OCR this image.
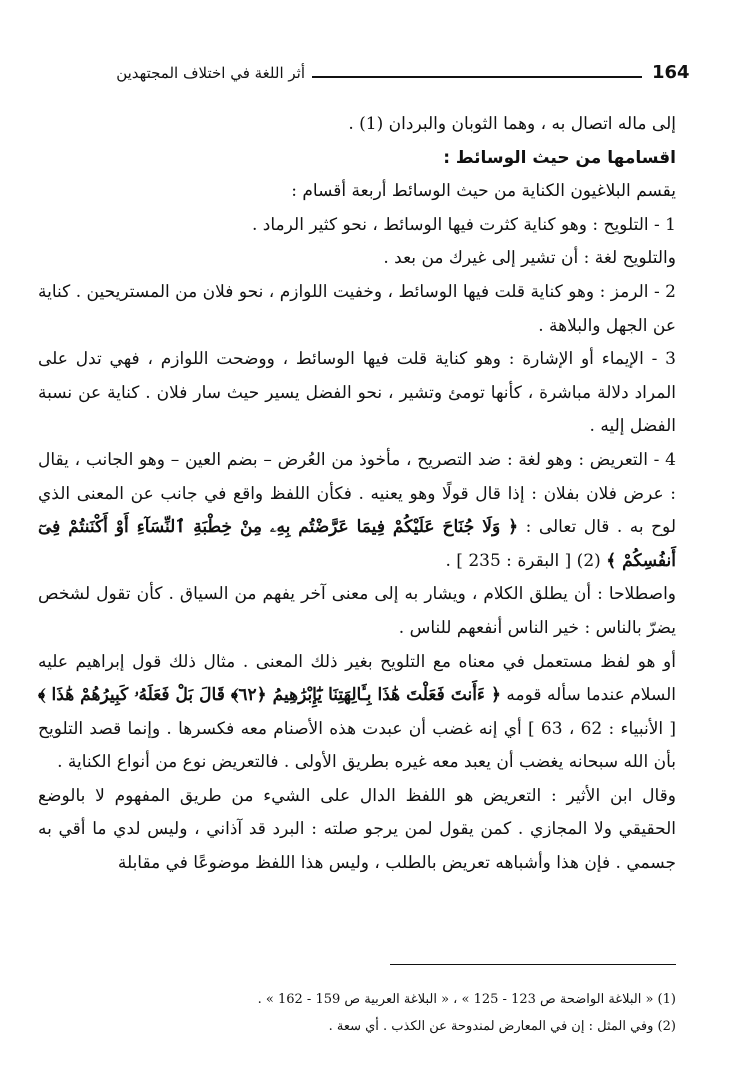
164
أثر اللغة في اختلاف المجتهدين

إلى ماله اتصال به ، وهما الثوبان والبردان (1) .

اقسامها من حيث الوسائط :

يقسم البلاغيون الكناية من حيث الوسائط أربعة أقسام :

1 - التلويح : وهو كناية كثرت فيها الوسائط ، نحو كثير الرماد .

والتلويح لغة : أن تشير إلى غيرك من بعد .

2 - الرمز : وهو كناية قلت فيها الوسائط ، وخفيت اللوازم ، نحو فلان من المستريحين . كناية عن الجهل والبلاهة .

3 - الإيماء أو الإشارة : وهو كناية قلت فيها الوسائط ، ووضحت اللوازم ، فهي تدل على المراد دلالة مباشرة ، كأنها تومئ وتشير ، نحو الفضل يسير حيث سار فلان . كناية عن نسبة الفضل إليه .

4 - التعريض : وهو لغة : ضد التصريح ، مأخوذ من العُرض – بضم العين – وهو الجانب ، يقال : عرض فلان بفلان : إذا قال قولًا وهو يعنيه . فكأن اللفظ واقع في جانب عن المعنى الذي لوح به . قال تعالى : ﴿ وَلَا جُنَاحَ عَلَيْكُمْ فِيمَا عَرَّضْتُم بِهِۦ مِنْ خِطْبَةِ ٱلنِّسَآءِ أَوْ أَكْنَنتُمْ فِىٓ أَنفُسِكُمْ ﴾ (2) [ البقرة : 235 ] .

واصطلاحا : أن يطلق الكلام ، ويشار به إلى معنى آخر يفهم من السياق . كأن تقول لشخص يضرّ بالناس : خير الناس أنفعهم للناس .

أو هو لفظ مستعمل في معناه مع التلويح بغير ذلك المعنى . مثال ذلك قول إبراهيم عليه السلام عندما سأله قومه ﴿ ءَأَنتَ فَعَلْتَ هَٰذَا بِـَٔالِهَتِنَا يَٰٓإِبْرَٰهِيمُ ﴿٦٢﴾ قَالَ بَلْ فَعَلَهُۥ كَبِيرُهُمْ هَٰذَا ﴾ [ الأنبياء : 62 ، 63 ] أي إنه غضب أن عبدت هذه الأصنام معه فكسرها . وإنما قصد التلويح بأن الله سبحانه يغضب أن يعبد معه غيره بطريق الأولى . فالتعريض نوع من أنواع الكناية .

وقال ابن الأثير : التعريض هو اللفظ الدال على الشيء من طريق المفهوم لا بالوضع الحقيقي ولا المجازي . كمن يقول لمن يرجو صلته : البرد قد آذاني ، وليس لدي ما أقي به جسمي . فإن هذا وأشباهه تعريض بالطلب ، وليس هذا اللفظ موضوعًا في مقابلة

(1) « البلاغة الواضحة ص 123 - 125 » ، « البلاغة العربية ص 159 - 162 » .

(2) وفي المثل : إن في المعارض لمندوحة عن الكذب . أي سعة .
